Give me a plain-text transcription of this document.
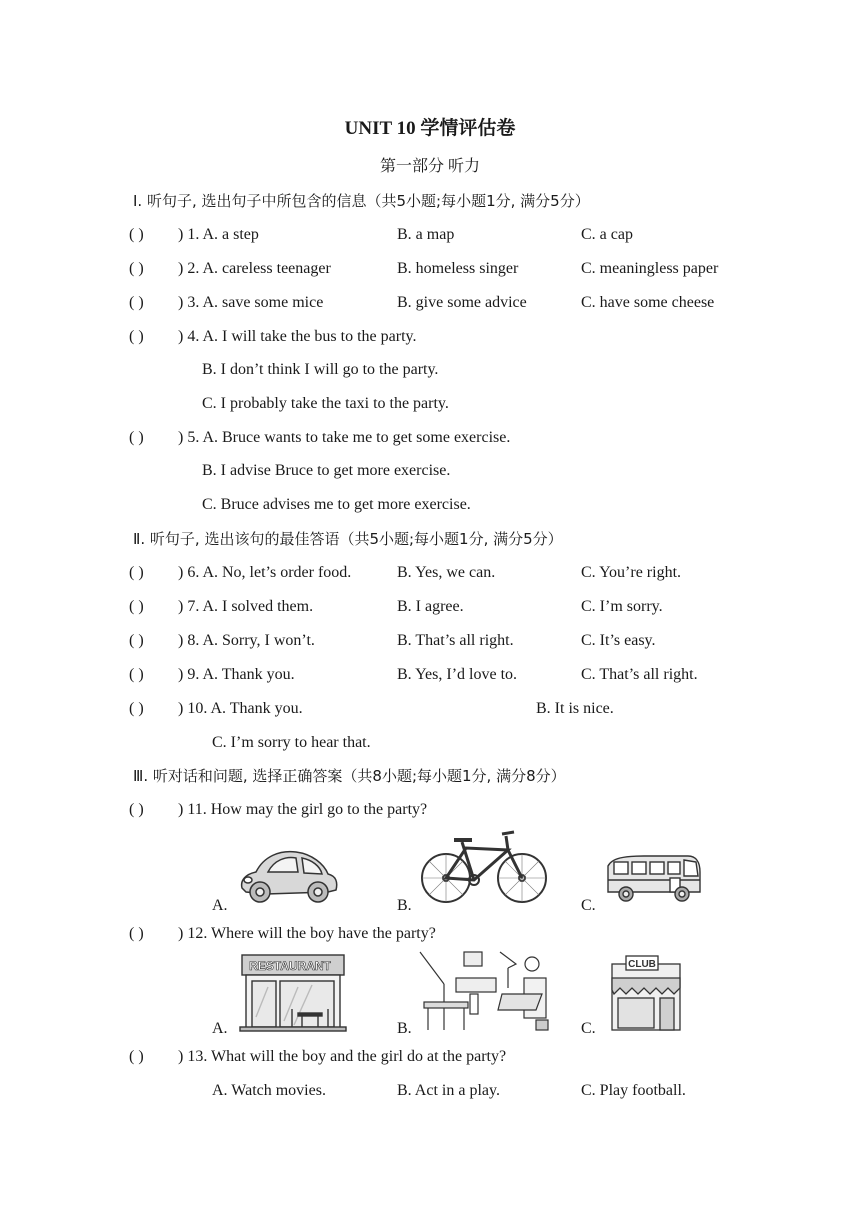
UNIT 10 学情评估卷
第一部分 听力
Ⅰ. 听句子, 选出句子中所包含的信息（共5小题;每小题1分, 满分5分）
( ) ) 1. A. a step	B. a map	C. a cap
( ) ) 2. A. careless teenager	B. homeless singer	C. meaningless paper
( ) ) 3. A. save some mice	B. give some advice	C. have some cheese
( ) ) 4. A. I will take the bus to the party.
B. I don’t think I will go to the party.
C. I probably take the taxi to the party.
( ) ) 5. A. Bruce wants to take me to get some exercise.
B. I advise Bruce to get more exercise.
C. Bruce advises me to get more exercise.
Ⅱ. 听句子, 选出该句的最佳答语（共5小题;每小题1分, 满分5分）
( ) ) 6. A. No, let’s order food.	B. Yes, we can.	C. You’re right.
( ) ) 7. A. I solved them.	B. I agree.	C. I’m sorry.
( ) ) 8. A. Sorry, I won’t.	B. That’s all right.	C. It’s easy.
( ) ) 9. A. Thank you.	B. Yes, I’d love to.	C. That’s all right.
( ) ) 10. A. Thank you.	B. It is nice.
C. I’m sorry to hear that.
Ⅲ. 听对话和问题, 选择正确答案（共8小题;每小题1分, 满分8分）
( ) ) 11. How may the girl go to the party?
A.	B.	C.
( ) ) 12. Where will the boy have the party?
A.	B.	C.
RESTAURANT	CLUB
( ) ) 13. What will the boy and the girl do at the party?
A. Watch movies.	B. Act in a play.	C. Play football.
